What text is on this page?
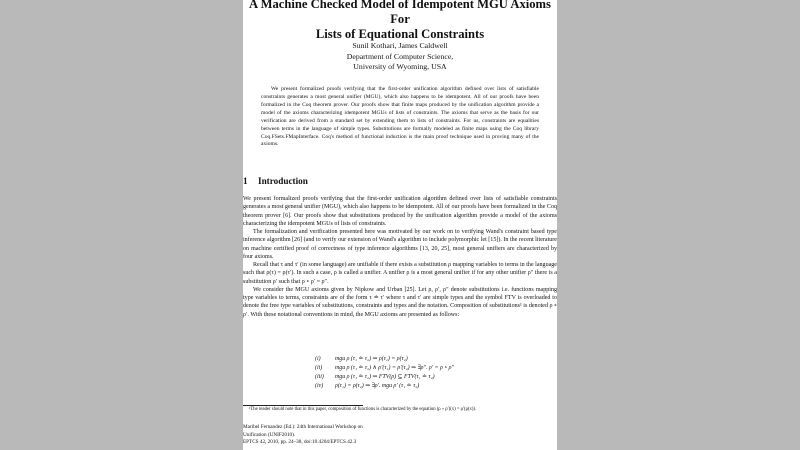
A Machine Checked Model of Idempotent MGU Axioms For
Lists of Equational Constraints
Sunil Kothari, James Caldwell
Department of Computer Science,
University of Wyoming, USA

We present formalized proofs verifying that the first-order unification algorithm defined over lists of satisfiable constraints generates a most general unifier (MGU), which also happens to be idempotent. All of our proofs have been formalized in the Coq theorem prover. Our proofs show that finite maps produced by the unification algorithm provide a model of the axioms characterizing idempotent MGUs of lists of constraints. The axioms that serve as the basis for our verification are derived from a standard set by extending them to lists of constraints. For us, constraints are equalities between terms in the language of simple types. Substitutions are formally modeled as finite maps using the Coq library Coq.FSets.FMapInterface. Coq's method of functional induction is the main proof technique used in proving many of the axioms.

1 Introduction

We present formalized proofs verifying that the first-order unification algorithm defined over lists of satisfiable constraints generates a most general unifier (MGU), which also happens to be idempotent. All of our proofs have been formalized in the Coq theorem prover [6]. Our proofs show that substitutions produced by the unification algorithm provide a model of the axioms characterizing the idempotent MGUs of lists of constraints.

The formalization and verification presented here was motivated by our work on to verifying Wand's constraint based type inference algorithm [26] (and to verify our extension of Wand's algorithm to include polymorphic let [15]). In the recent literature on machine certified proof of correctness of type inference algorithms [13, 20, 25], most general unifiers are characterized by four axioms.

Recall that τ and τ′ (in some language) are unifiable if there exists a substitution ρ mapping variables to terms in the language such that ρ(τ) = ρ(τ′). In such a case, ρ is called a unifier. A unifier ρ is a most general unifier if for any other unifier ρ″ there is a substitution ρ′ such that ρ ∘ ρ′ = ρ″.

We consider the MGU axioms given by Nipkow and Urban [25]. Let ρ, ρ′, ρ″ denote substitutions i.e. functions mapping type variables to terms, constraints are of the form τ ≐ τ′ where τ and τ′ are simple types and the symbol FTV is overloaded to denote the free type variables of substitutions, constraints and types and the notation. Composition of substitutions¹ is denoted ρ ∘ ρ′. With these notational conventions in mind, the MGU axioms are presented as follows:

(i) mgu ρ (τ₁ ≐ τ₂) ⇒ ρ(τ₁) = ρ(τ₂)
(ii) mgu ρ (τ₁ ≐ τ₂) ∧ ρ′(τ₁) = ρ′(τ₂) ⇒ ∃ρ″. ρ′ = ρ ∘ ρ″
(iii) mgu ρ (τ₁ ≐ τ₂) ⇒ FTV(ρ) ⊆ FTV(τ₁ ≐ τ₂)
(iv) ρ(τ₁) = ρ(τ₂) ⇒ ∃ρ′. mgu ρ′ (τ₁ ≐ τ₂)
¹The reader should note that in this paper, composition of functions is characterized by the equation (ρ ∘ ρ′)(x) = ρ′(ρ(x)).
Maribel Fernandez (Ed.): 24th International Workshop on
Unification (UNIF2010).
EPTCS 42, 2010, pp. 24–38, doi:10.4204/EPTCS.42.3
